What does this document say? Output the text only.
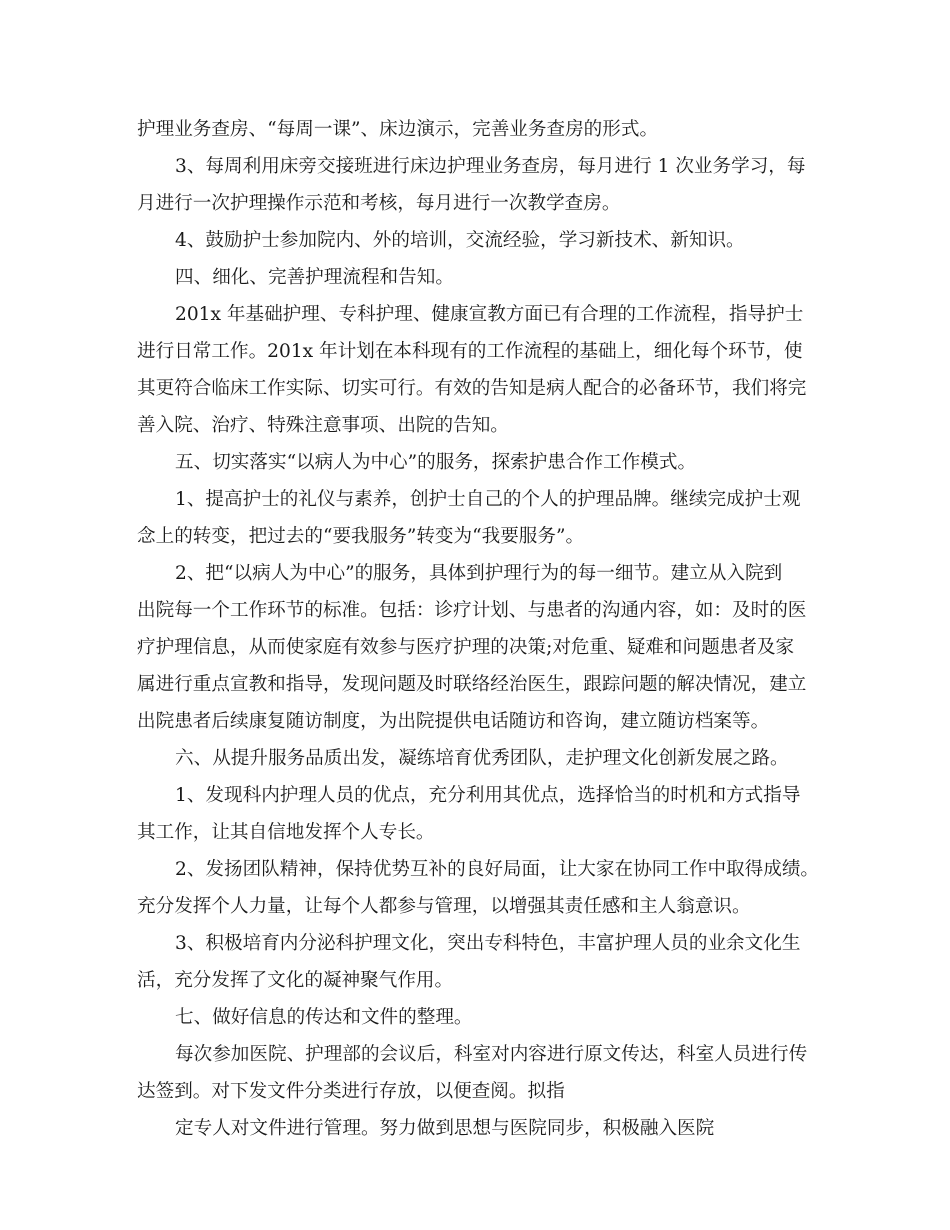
护理业务查房、“每周一课”、床边演示，完善业务查房的形式。
3、每周利用床旁交接班进行床边护理业务查房，每月进行 1 次业务学习，每
月进行一次护理操作示范和考核，每月进行一次教学查房。
4、鼓励护士参加院内、外的培训，交流经验，学习新技术、新知识。
四、细化、完善护理流程和告知。
201x 年基础护理、专科护理、健康宣教方面已有合理的工作流程，指导护士
进行日常工作。201x 年计划在本科现有的工作流程的基础上，细化每个环节，使
其更符合临床工作实际、切实可行。有效的告知是病人配合的必备环节，我们将完
善入院、治疗、特殊注意事项、出院的告知。
五、切实落实“以病人为中心”的服务，探索护患合作工作模式。
1、提高护士的礼仪与素养，创护士自己的个人的护理品牌。继续完成护士观
念上的转变，把过去的“要我服务”转变为“我要服务”。
2、把“以病人为中心”的服务，具体到护理行为的每一细节。建立从入院到
出院每一个工作环节的标准。包括：诊疗计划、与患者的沟通内容，如：及时的医
疗护理信息，从而使家庭有效参与医疗护理的决策;对危重、疑难和问题患者及家
属进行重点宣教和指导，发现问题及时联络经治医生，跟踪问题的解决情况，建立
出院患者后续康复随访制度，为出院提供电话随访和咨询，建立随访档案等。
六、从提升服务品质出发，凝练培育优秀团队，走护理文化创新发展之路。
1、发现科内护理人员的优点，充分利用其优点，选择恰当的时机和方式指导
其工作，让其自信地发挥个人专长。
2、发扬团队精神，保持优势互补的良好局面，让大家在协同工作中取得成绩。
充分发挥个人力量，让每个人都参与管理，以增强其责任感和主人翁意识。
3、积极培育内分泌科护理文化，突出专科特色，丰富护理人员的业余文化生
活，充分发挥了文化的凝神聚气作用。
七、做好信息的传达和文件的整理。
每次参加医院、护理部的会议后，科室对内容进行原文传达，科室人员进行传
达签到。对下发文件分类进行存放，以便查阅。拟指
定专人对文件进行管理。努力做到思想与医院同步，积极融入医院
